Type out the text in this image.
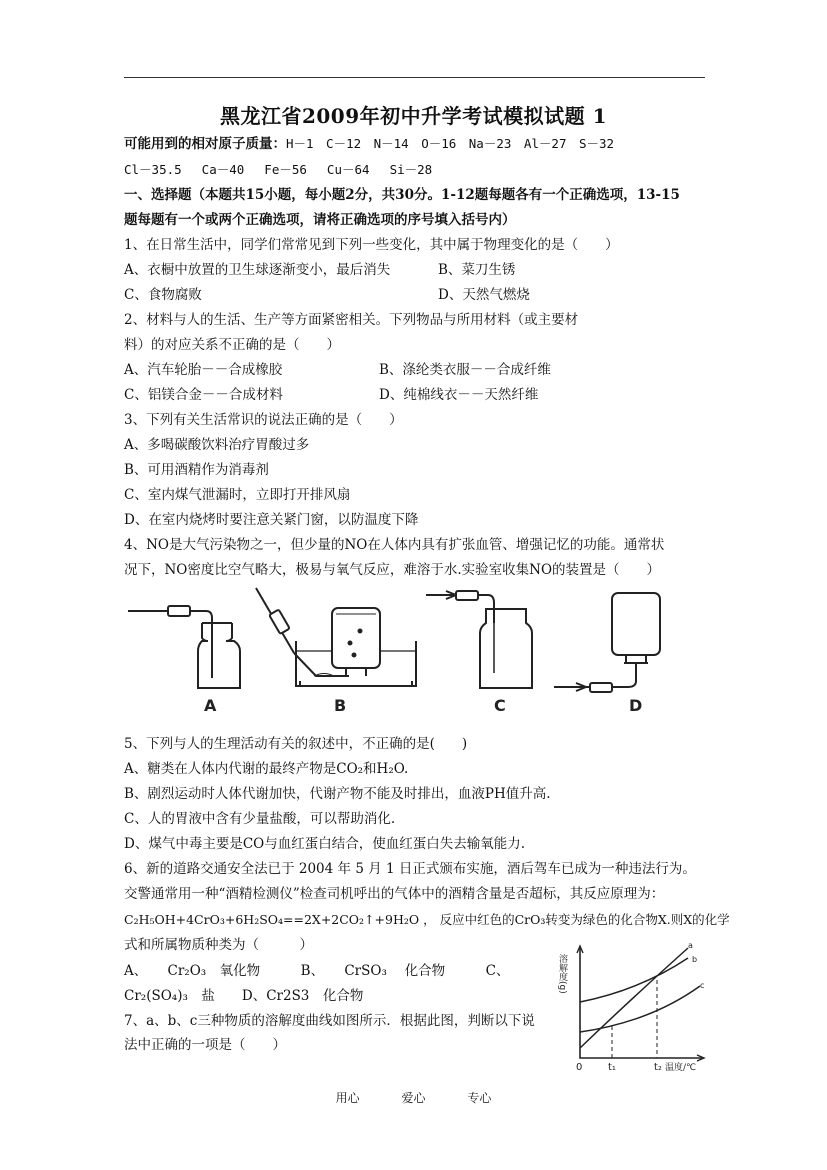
黑龙江省2009年初中升学考试模拟试题 1
可能用到的相对原子质量：H－1　C－12　N－14　O－16　Na－23　Al－27　S－32
Cl－35.5　 Ca－40　 Fe－56　 Cu－64　 Si－28
一、选择题（本题共15小题，每小题2分，共30分。1-12题每题各有一个正确选项，13-15
题每题有一个或两个正确选项，请将正确选项的序号填入括号内）
1、在日常生活中，同学们常常见到下列一些变化，其中属于物理变化的是（　　）
A、衣橱中放置的卫生球逐渐变小，最后消失	B、菜刀生锈
C、食物腐败	D、天然气燃烧
2、材料与人的生活、生产等方面紧密相关。下列物品与所用材料（或主要材
料）的对应关系不正确的是（　　）
A、汽车轮胎－－合成橡胶	B、涤纶类衣服－－合成纤维
C、铝镁合金－－合成材料	D、纯棉线衣－－天然纤维
3、下列有关生活常识的说法正确的是（　　）
A、多喝碳酸饮料治疗胃酸过多
B、可用酒精作为消毒剂
C、室内煤气泄漏时，立即打开排风扇
D、在室内烧烤时要注意关紧门窗，以防温度下降
4、NO是大气污染物之一，但少量的NO在人体内具有扩张血管、增强记忆的功能。通常状
况下，NO密度比空气略大，极易与氧气反应，难溶于水.实验室收集NO的装置是（　　）
A	B	C	D
5、下列与人的生理活动有关的叙述中，不正确的是(　　)
A、糖类在人体内代谢的最终产物是CO₂和H₂O.
B、剧烈运动时人体代谢加快，代谢产物不能及时排出，血液PH值升高.
C、人的胃液中含有少量盐酸，可以帮助消化.
D、煤气中毒主要是CO与血红蛋白结合，使血红蛋白失去输氧能力.
6、新的道路交通安全法已于 2004 年 5 月 1 日正式颁布实施，酒后驾车已成为一种违法行为。
交警通常用一种“酒精检测仪”检查司机呼出的气体中的酒精含量是否超标，其反应原理为：
C₂H₅OH+4CrO₃+6H₂SO₄==2X+2CO₂↑+9H₂O ， 反应中红色的CrO₃转变为绿色的化合物X.则X的化学
式和所属物质种类为（　　　）
A、　　Cr₂O₃　氧化物　　　B、　　CrSO₃　 化合物　　　C、
Cr₂(SO₄)₃　盐　　D、Cr2S3　化合物
7、a、b、c三种物质的溶解度曲线如图所示．根据此图，判断以下说
法中正确的一项是（　　）
溶解度(g)
0	t₁	t₂ 温度/℃
a
b
c
用心	爱心	专心
